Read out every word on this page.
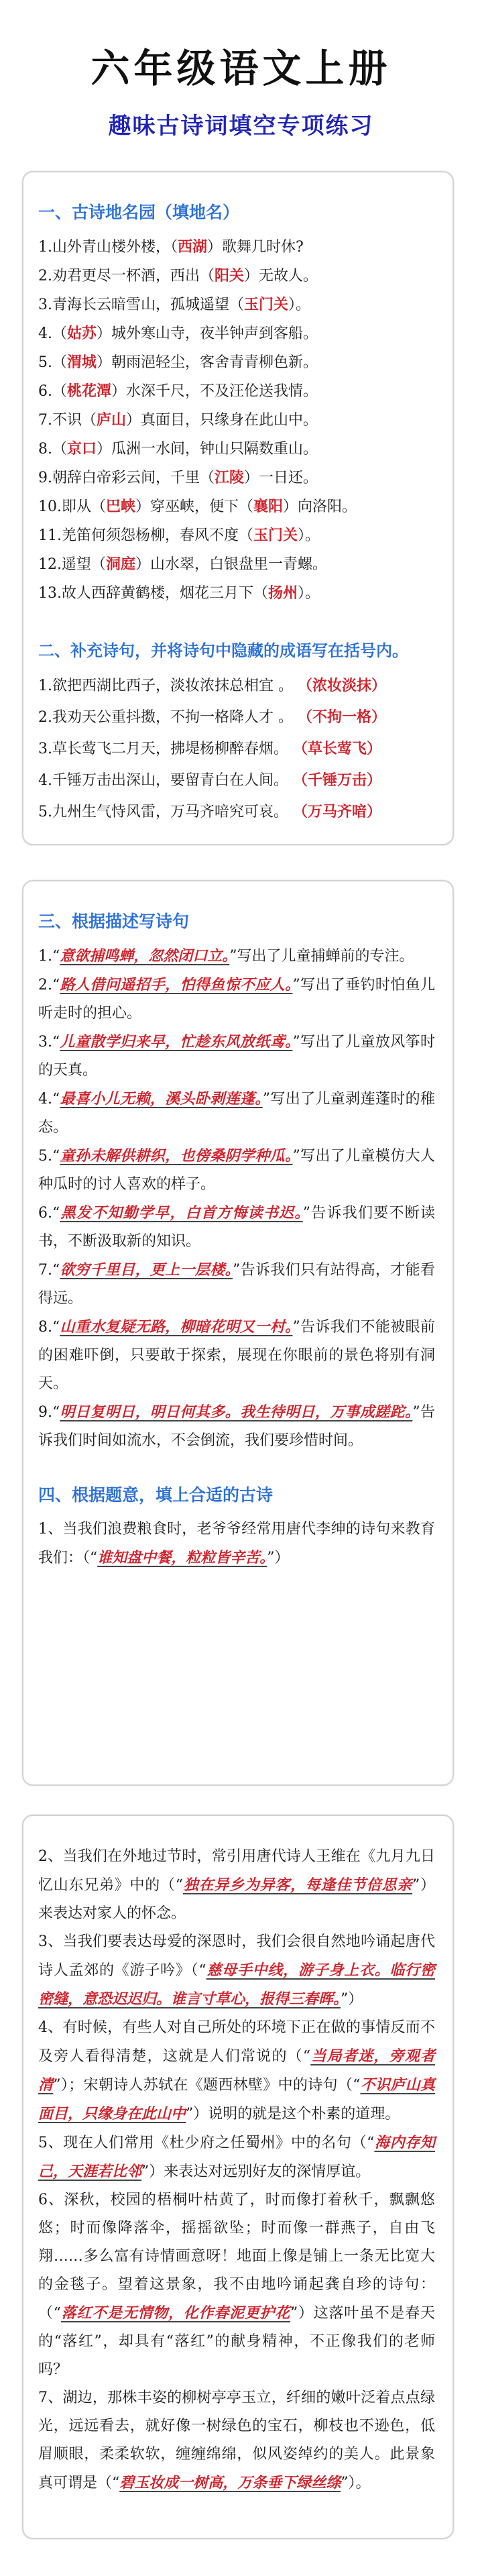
六年级语文上册
趣味古诗词填空专项练习
一、古诗地名园（填地名）
1.山外青山楼外楼，（西湖）歌舞几时休?
2.劝君更尽一杯酒，西出（阳关）无故人。
3.青海长云暗雪山，孤城遥望（玉门关）。
4.（姑苏）城外寒山寺，夜半钟声到客船。
5.（渭城）朝雨浥轻尘，客舍青青柳色新。
6.（桃花潭）水深千尺，不及汪伦送我情。
7.不识（庐山）真面目，只缘身在此山中。
8.（京口）瓜洲一水间，钟山只隔数重山。
9.朝辞白帝彩云间，千里（江陵）一日还。
10.即从（巴峡）穿巫峡，便下（襄阳）向洛阳。
11.羌笛何须怨杨柳，春风不度（玉门关）。
12.遥望（洞庭）山水翠，白银盘里一青螺。
13.故人西辞黄鹤楼，烟花三月下（扬州）。
二、补充诗句，并将诗句中隐藏的成语写在括号内。
1.欲把西湖比西子，淡妆浓抹总相宜 。 （浓妆淡抹）
2.我劝天公重抖擞，不拘一格降人才 。 （不拘一格）
3.草长莺飞二月天，拂堤杨柳醉春烟。 （草长莺飞）
4.千锤万击出深山，要留青白在人间。 （千锤万击）
5.九州生气恃风雷，万马齐喑究可哀。 （万马齐喑）
三、根据描述写诗句

1.“意欲捕鸣蝉，忽然闭口立。”写出了儿童捕蝉前的专注。

2.“路人借问遥招手，怕得鱼惊不应人。”写出了垂钓时怕鱼儿听走时的担心。

3.“儿童散学归来早，忙趁东风放纸鸢。”写出了儿童放风筝时的天真。

4.“最喜小儿无赖，溪头卧剥莲蓬。”写出了儿童剥莲蓬时的稚态。

5.“童孙未解供耕织，也傍桑阴学种瓜。”写出了儿童模仿大人种瓜时的讨人喜欢的样子。

6.“黑发不知勤学早，白首方悔读书迟。”告诉我们要不断读书，不断汲取新的知识。

7.“欲穷千里目，更上一层楼。”告诉我们只有站得高，才能看得远。

8.“山重水复疑无路，柳暗花明又一村。”告诉我们不能被眼前的困难吓倒，只要敢于探索，展现在你眼前的景色将别有洞天。

9.“明日复明日，明日何其多。我生待明日，万事成蹉跎。”告诉我们时间如流水，不会倒流，我们要珍惜时间。

四、根据题意，填上合适的古诗

1、当我们浪费粮食时，老爷爷经常用唐代李绅的诗句来教育我们：（“谁知盘中餐，粒粒皆辛苦。”）

2、当我们在外地过节时，常引用唐代诗人王维在《九月九日忆山东兄弟》中的（“独在异乡为异客，每逢佳节倍思亲”）来表达对家人的怀念。

3、当我们要表达母爱的深恩时，我们会很自然地吟诵起唐代诗人孟郊的《游子吟》（“慈母手中线，游子身上衣。临行密密缝，意恐迟迟归。谁言寸草心，报得三春晖。”）

4、有时候，有些人对自己所处的环境下正在做的事情反而不及旁人看得清楚，这就是人们常说的（“当局者迷，旁观者清”）；宋朝诗人苏轼在《题西林壁》中的诗句（“不识庐山真面目，只缘身在此山中”）说明的就是这个朴素的道理。

5、现在人们常用《杜少府之任蜀州》中的名句（“海内存知己，天涯若比邻”）来表达对远别好友的深情厚谊。

6、深秋，校园的梧桐叶枯黄了，时而像打着秋千，飘飘悠悠；时而像降落伞，摇摇欲坠；时而像一群燕子，自由飞翔……多么富有诗情画意呀！地面上像是铺上一条无比宽大的金毯子。望着这景象，我不由地吟诵起龚自珍的诗句：（“落红不是无情物，化作春泥更护花”）这落叶虽不是春天的“落红”，却具有“落红”的献身精神，不正像我们的老师吗？

7、湖边，那株丰姿的柳树亭亭玉立，纤细的嫩叶泛着点点绿光，远远看去，就好像一树绿色的宝石，柳枝也不逊色，低眉顺眼，柔柔软软，缠缠绵绵，似风姿绰约的美人。此景象真可谓是（“碧玉妆成一树高，万条垂下绿丝绦”）。
